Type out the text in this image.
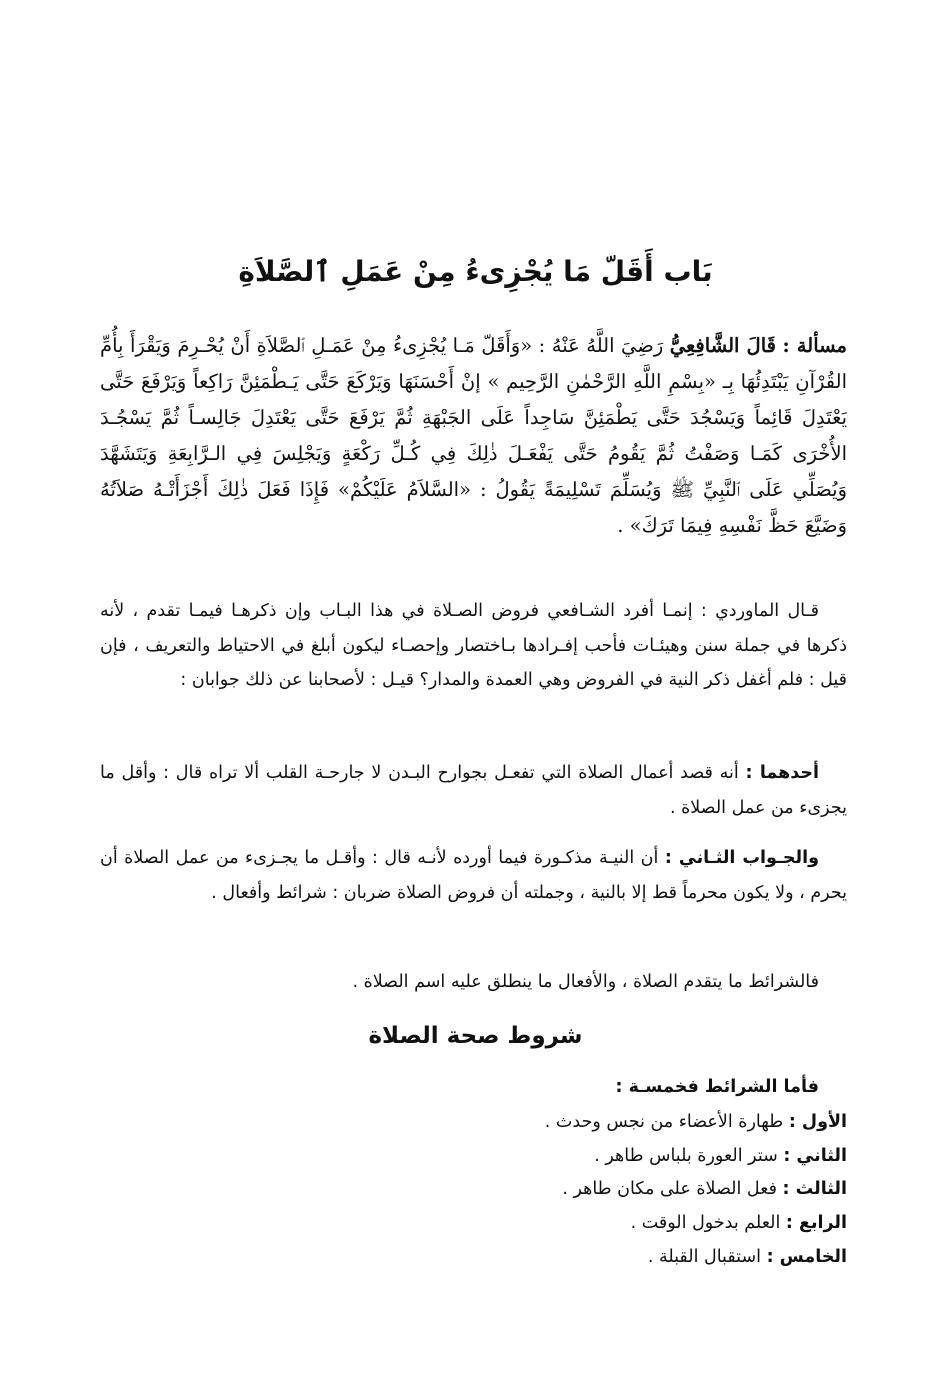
بَاب أَقَلّ مَا يُجْزِىءُ مِنْ عَمَلِ ٱلصَّلاَةِ

مسألة : قَالَ الشَّافِعِيُّ رَضِيَ اللَّهُ عَنْهُ : «وَأَقَلّ مَـا يُجْزِىءُ مِنْ عَمَـلِ ٱلصَّلاَةِ أَنْ يُحْـرِمَ وَيَقْرَأَ بِأُمِّ القُرْآنِ يَبْتَدِئُهَا بِـ «بِسْمِ اللَّهِ الرَّحْمٰنِ الرَّحِيم » إنْ أَحْسَنَهَا وَيَرْكَعَ حَتَّى يَـطْمَئِنَّ رَاكِعاً وَيَرْفَعَ حَتَّى يَعْتَدِلَ قَائِماً وَيَسْجُدَ حَتَّى يَطْمَئِنَّ سَاجِداً عَلَى الجَبْهَةِ ثُمَّ يَرْفَعَ حَتَّى يَعْتَدِلَ جَالِسـاً ثُمَّ يَسْجُـدَ الأُخْرَى كَمَـا وَصَفْتُ ثُمَّ يَقُومُ حَتَّى يَفْعَـلَ ذٰلِكَ فِي كُـلِّ رَكْعَةٍ وَيَجْلِسَ فِي الـرَّابِعَةِ وَيَتَشَهَّدَ وَيُصَلِّي عَلَى ٱلنَّبِيِّ ﷺ وَيُسَلِّمَ تَسْلِيمَةً يَقُولُ : «السَّلاَمُ عَلَيْكُمْ» فَإِذَا فَعَلَ ذٰلِكَ أَجْزَأَتْـهُ صَلاَتُهُ وَضَيَّعَ حَظَّ نَفْسِهِ فِيمَا تَرَكَ» .

قـال الماوردي : إنمـا أفرد الشـافعي فروض الصـلاة في هذا البـاب وإن ذكرهـا فيمـا تقدم ، لأنه ذكرها في جملة سنن وهيئـات فأحب إفـرادها بـاختصار وإحصـاء ليكون أبلغ في الاحتياط والتعريف ، فإن قيل : فلم أغفل ذكر النية في الفروض وهي العمدة والمدار؟ قيـل : لأصحابنا عن ذلك جوابان :

أحدهما : أنه قصد أعمال الصلاة التي تفعـل بجوارح البـدن لا جارحـة القلب ألا تراه قال : وأقل ما يجزىء من عمل الصلاة .

والجـواب الثـاني : أن النيـة مذكـورة فيما أورده لأنـه قال : وأقـل ما يجـزىء من عمل الصلاة أن يحرم ، ولا يكون محرماً قط إلا بالنية ، وجملته أن فروض الصلاة ضربان : شرائط وأفعال .

فالشرائط ما يتقدم الصلاة ، والأفعال ما ينطلق عليه اسم الصلاة .

شروط صحة الصلاة

فأما الشرائط فخمسـة :

الأول : طهارة الأعضاء من نجس وحدث .
الثاني : ستر العورة بلباس طاهر .
الثالث : فعل الصلاة على مكان طاهر .
الرابع : العلم بدخول الوقت .
الخامس : استقبال القبلة .
